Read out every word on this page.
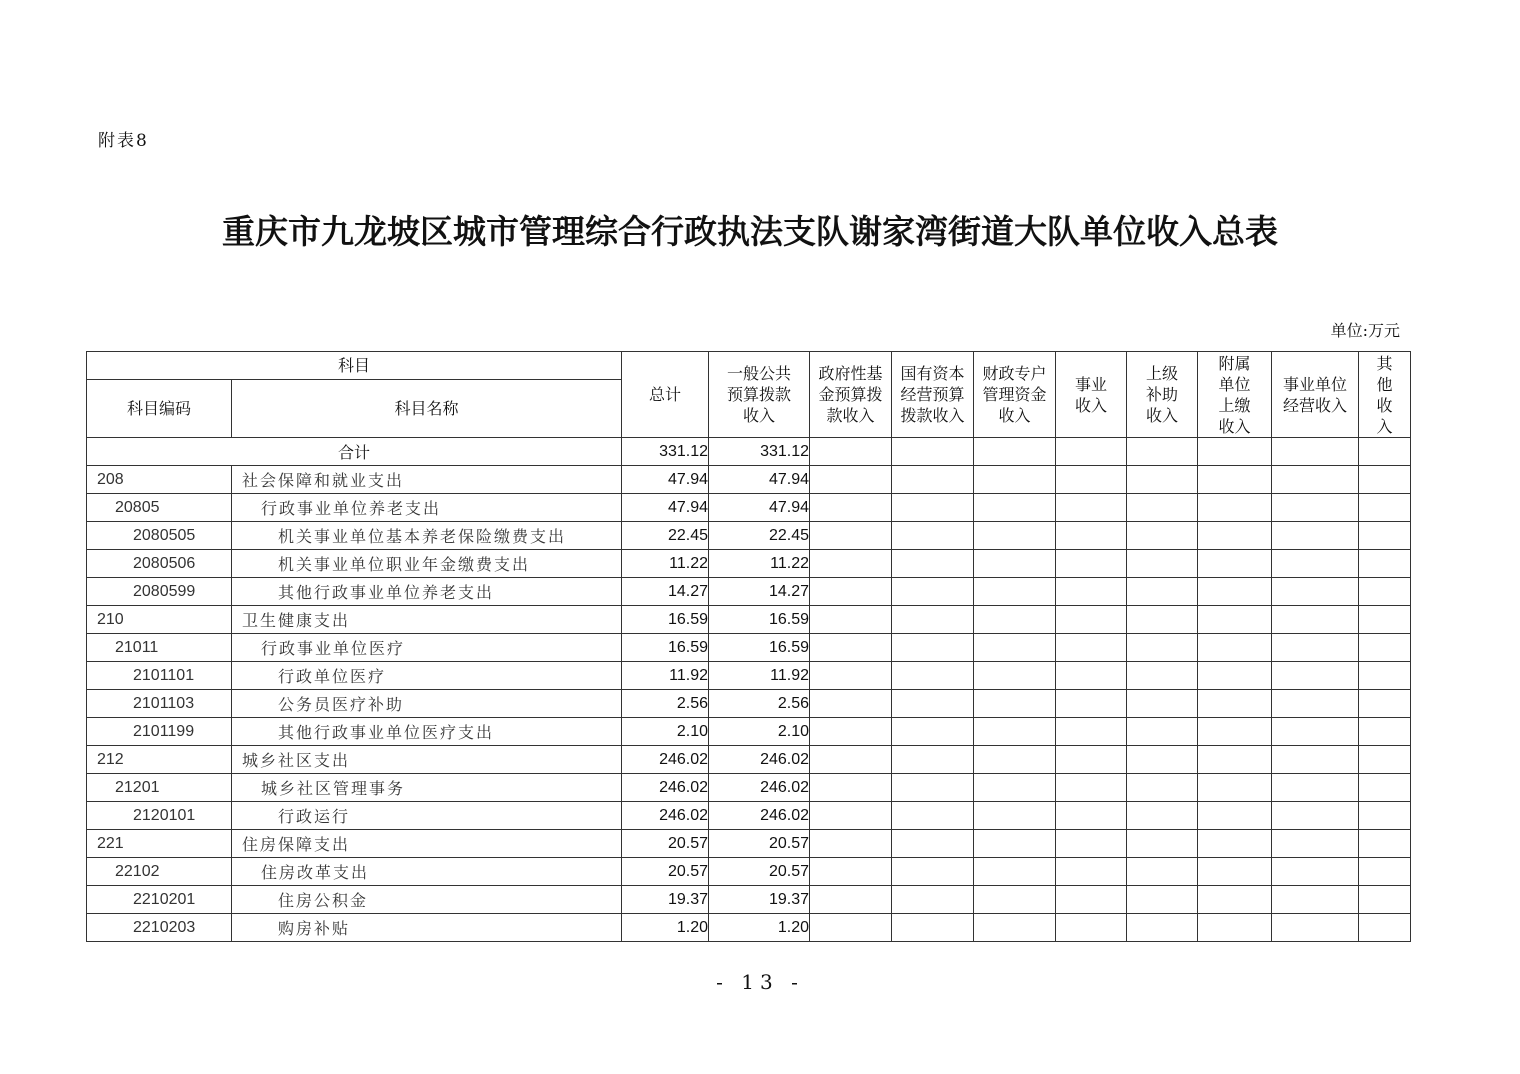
附表8
重庆市九龙坡区城市管理综合行政执法支队谢家湾街道大队单位收入总表
单位:万元
科目		总计	一般公共预算拨款收入	政府性基金预算拨款收入	国有资本经营预算拨款收入	财政专户管理资金收入	事业收入	上级补助收入	附属单位上缴收入	事业单位经营收入	其他收入

科目编码	科目名称										
合计		331.12	331.12								
208	社会保障和就业支出	47.94	47.94								
20805	行政事业单位养老支出	47.94	47.94								
2080505	机关事业单位基本养老保险缴费支出	22.45	22.45								
2080506	机关事业单位职业年金缴费支出	11.22	11.22								
2080599	其他行政事业单位养老支出	14.27	14.27								
210	卫生健康支出	16.59	16.59								
21011	行政事业单位医疗	16.59	16.59								
2101101	行政单位医疗	11.92	11.92								
2101103	公务员医疗补助	2.56	2.56								
2101199	其他行政事业单位医疗支出	2.10	2.10								
212	城乡社区支出	246.02	246.02								
21201	城乡社区管理事务	246.02	246.02								
2120101	行政运行	246.02	246.02								
221	住房保障支出	20.57	20.57								
22102	住房改革支出	20.57	20.57								
2210201	住房公积金	19.37	19.37								
2210203	购房补贴	1.20	1.20								
- 13 -
